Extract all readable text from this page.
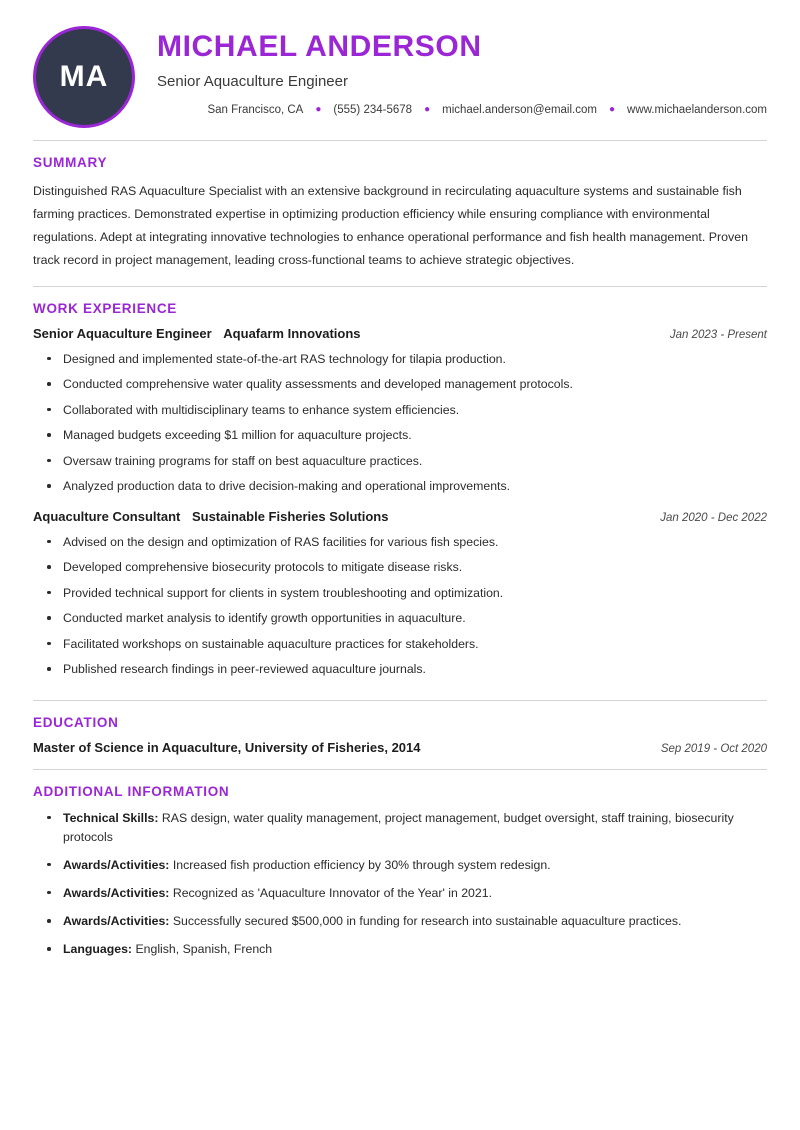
MA
MICHAEL ANDERSON
Senior Aquaculture Engineer
San Francisco, CA ● (555) 234-5678 ● michael.anderson@email.com ● www.michaelanderson.com
SUMMARY

Distinguished RAS Aquaculture Specialist with an extensive background in recirculating aquaculture systems and sustainable fish farming practices. Demonstrated expertise in optimizing production efficiency while ensuring compliance with environmental regulations. Adept at integrating innovative technologies to enhance operational performance and fish health management. Proven track record in project management, leading cross-functional teams to achieve strategic objectives.

WORK EXPERIENCE
Senior Aquaculture Engineer Aquafarm Innovations	Jan 2023 - Present
Designed and implemented state-of-the-art RAS technology for tilapia production.
Conducted comprehensive water quality assessments and developed management protocols.
Collaborated with multidisciplinary teams to enhance system efficiencies.
Managed budgets exceeding $1 million for aquaculture projects.
Oversaw training programs for staff on best aquaculture practices.
Analyzed production data to drive decision-making and operational improvements.
Aquaculture Consultant Sustainable Fisheries Solutions	Jan 2020 - Dec 2022
Advised on the design and optimization of RAS facilities for various fish species.
Developed comprehensive biosecurity protocols to mitigate disease risks.
Provided technical support for clients in system troubleshooting and optimization.
Conducted market analysis to identify growth opportunities in aquaculture.
Facilitated workshops on sustainable aquaculture practices for stakeholders.
Published research findings in peer-reviewed aquaculture journals.
EDUCATION
Master of Science in Aquaculture, University of Fisheries, 2014	Sep 2019 - Oct 2020
ADDITIONAL INFORMATION
Technical Skills: RAS design, water quality management, project management, budget oversight, staff training, biosecurity protocols
Awards/Activities: Increased fish production efficiency by 30% through system redesign.
Awards/Activities: Recognized as 'Aquaculture Innovator of the Year' in 2021.
Awards/Activities: Successfully secured $500,000 in funding for research into sustainable aquaculture practices.
Languages: English, Spanish, French
